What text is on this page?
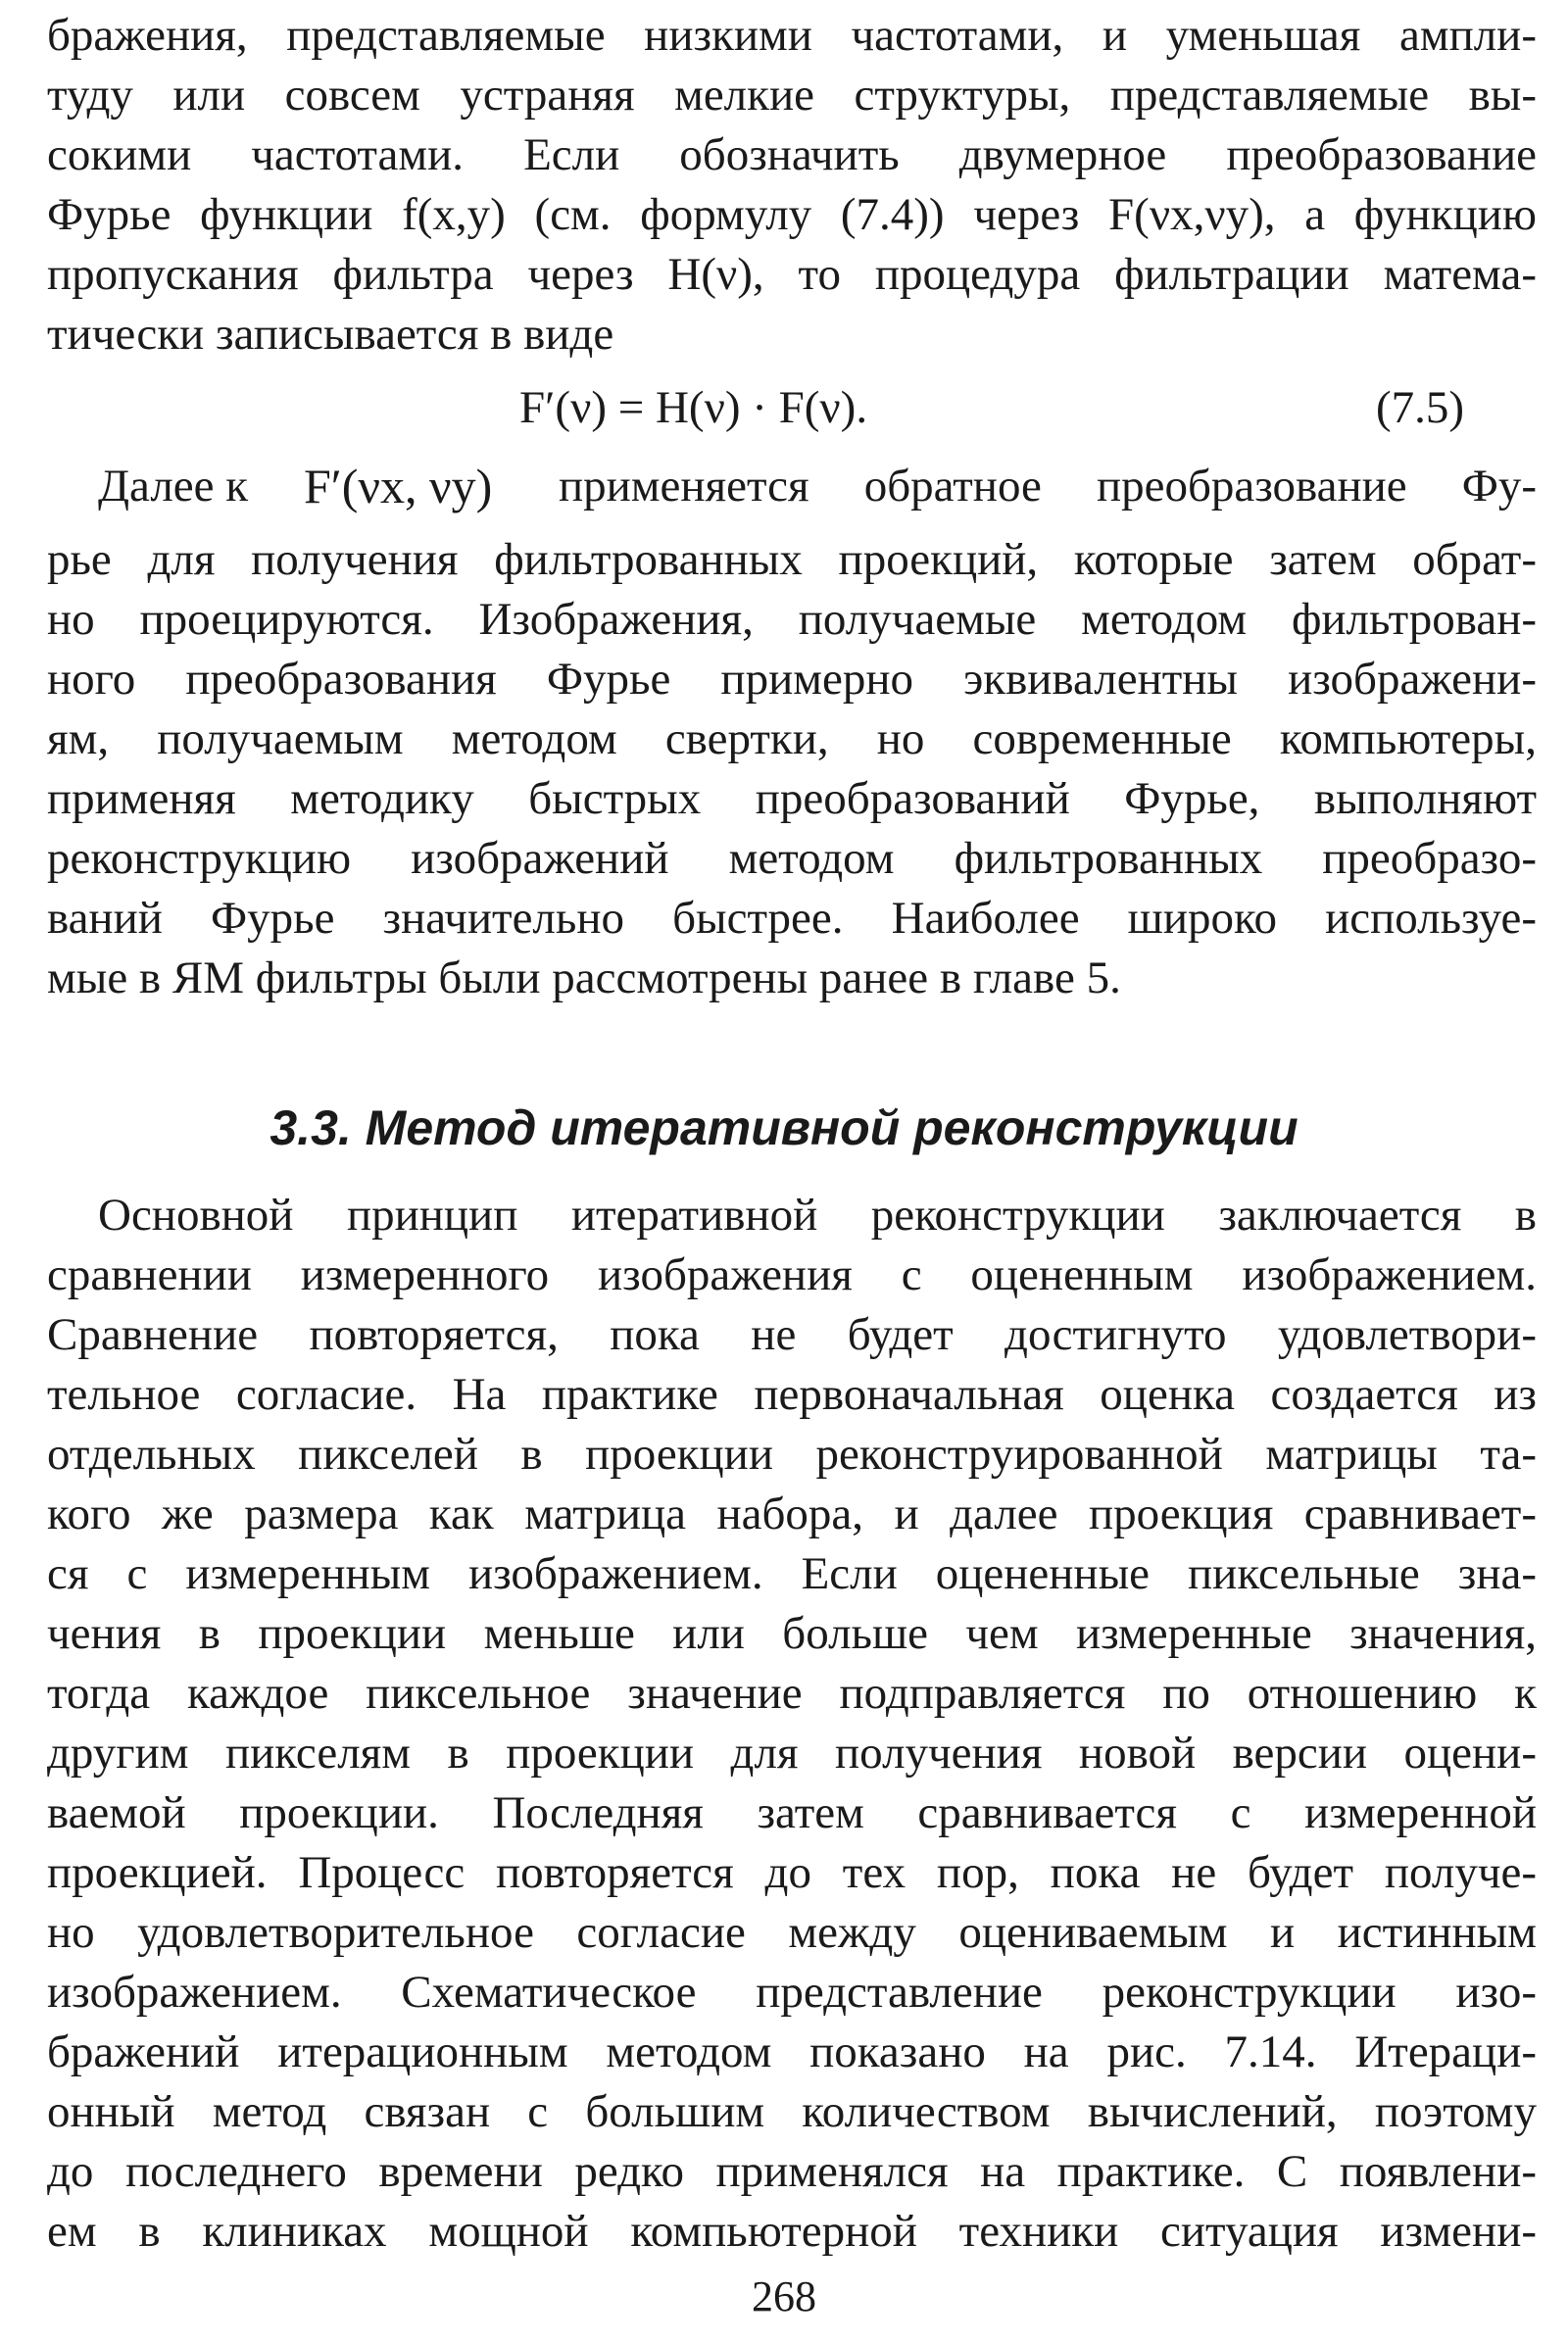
бражения, представляемые низкими частотами, и уменьшая ампли-
туду или совсем устраняя мелкие структуры, представляемые вы-
сокими частотами. Если обозначить двумерное преобразование
Фурье функции f(x,y) (см. формулу (7.4)) через F(νx,νy), а функцию
пропускания фильтра через H(ν), то процедура фильтрации матема-
тически записывается в виде
F′(ν) = H(ν) · F(ν).	(7.5)
Далее к F′(νx, νy) применяется обратное преобразование Фу-
рье для получения фильтрованных проекций, которые затем обрат-
но проецируются. Изображения, получаемые методом фильтрован-
ного преобразования Фурье примерно эквивалентны изображени-
ям, получаемым методом свертки, но современные компьютеры,
применяя методику быстрых преобразований Фурье, выполняют
реконструкцию изображений методом фильтрованных преобразо-
ваний Фурье значительно быстрее. Наиболее широко используе-
мые в ЯМ фильтры были рассмотрены ранее в главе 5.
3.3. Метод итеративной реконструкции
Основной принцип итеративной реконструкции заключается в
сравнении измеренного изображения с оцененным изображением.
Сравнение повторяется, пока не будет достигнуто удовлетвори-
тельное согласие. На практике первоначальная оценка создается из
отдельных пикселей в проекции реконструированной матрицы та-
кого же размера как матрица набора, и далее проекция сравнивает-
ся с измеренным изображением. Если оцененные пиксельные зна-
чения в проекции меньше или больше чем измеренные значения,
тогда каждое пиксельное значение подправляется по отношению к
другим пикселям в проекции для получения новой версии оцени-
ваемой проекции. Последняя затем сравнивается с измеренной
проекцией. Процесс повторяется до тех пор, пока не будет получе-
но удовлетворительное согласие между оцениваемым и истинным
изображением. Схематическое представление реконструкции изо-
бражений итерационным методом показано на рис. 7.14. Итераци-
онный метод связан с большим количеством вычислений, поэтому
до последнего времени редко применялся на практике. С появлени-
ем в клиниках мощной компьютерной техники ситуация измени-
268
